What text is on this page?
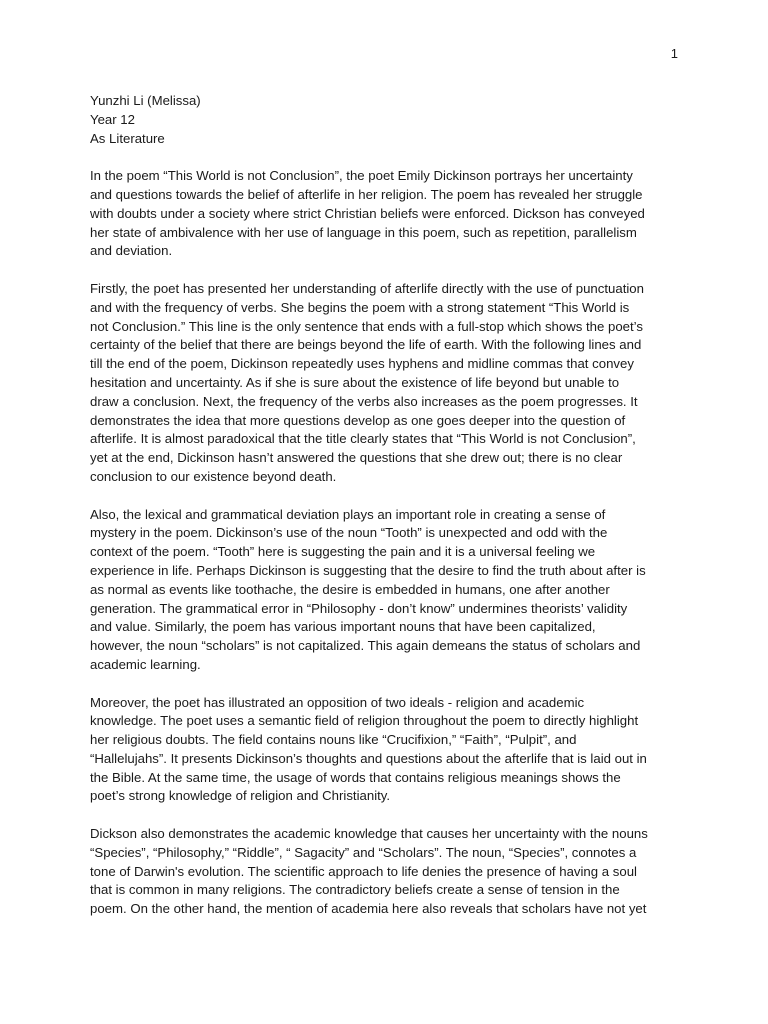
1
Yunzhi Li (Melissa)
Year 12
As Literature

In the poem “This World is not Conclusion”, the poet Emily Dickinson portrays her uncertainty
and questions towards the belief of afterlife in her religion. The poem has revealed her struggle
with doubts under a society where strict Christian beliefs were enforced. Dickson has conveyed
her state of ambivalence with her use of language in this poem, such as repetition, parallelism
and deviation.

Firstly, the poet has presented her understanding of afterlife directly with the use of punctuation
and with the frequency of verbs. She begins the poem with a strong statement “This World is
not Conclusion.” This line is the only sentence that ends with a full-stop which shows the poet’s
certainty of the belief that there are beings beyond the life of earth. With the following lines and
till the end of the poem, Dickinson repeatedly uses hyphens and midline commas that convey
hesitation and uncertainty. As if she is sure about the existence of life beyond but unable to
draw a conclusion. Next, the frequency of the verbs also increases as the poem progresses. It
demonstrates the idea that more questions develop as one goes deeper into the question of
afterlife. It is almost paradoxical that the title clearly states that “This World is not Conclusion”,
yet at the end, Dickinson hasn’t answered the questions that she drew out; there is no clear
conclusion to our existence beyond death.

Also, the lexical and grammatical deviation plays an important role in creating a sense of
mystery in the poem. Dickinson’s use of the noun “Tooth” is unexpected and odd with the
context of the poem. “Tooth” here is suggesting the pain and it is a universal feeling we
experience in life. Perhaps Dickinson is suggesting that the desire to find the truth about after is
as normal as events like toothache, the desire is embedded in humans, one after another
generation. The grammatical error in “Philosophy - don’t know” undermines theorists’ validity
and value. Similarly, the poem has various important nouns that have been capitalized,
however, the noun “scholars” is not capitalized. This again demeans the status of scholars and
academic learning.

Moreover, the poet has illustrated an opposition of two ideals - religion and academic
knowledge. The poet uses a semantic field of religion throughout the poem to directly highlight
her religious doubts. The field contains nouns like “Crucifixion,” “Faith”, “Pulpit”, and
“Hallelujahs”. It presents Dickinson’s thoughts and questions about the afterlife that is laid out in
the Bible. At the same time, the usage of words that contains religious meanings shows the
poet’s strong knowledge of religion and Christianity.

Dickson also demonstrates the academic knowledge that causes her uncertainty with the nouns
“Species”, “Philosophy,” “Riddle”, “ Sagacity” and “Scholars”. The noun, “Species”, connotes a
tone of Darwin's evolution. The scientific approach to life denies the presence of having a soul
that is common in many religions. The contradictory beliefs create a sense of tension in the
poem. On the other hand, the mention of academia here also reveals that scholars have not yet
